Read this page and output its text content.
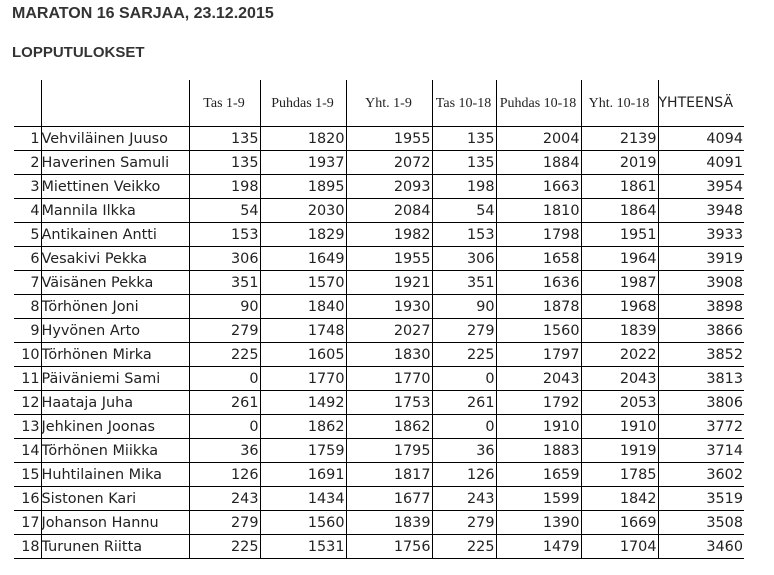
MARATON 16 SARJAA, 23.12.2015
LOPPUTULOKSET
		Tas 1-9	Puhdas 1-9	Yht. 1-9	Tas 10-18	Puhdas 10-18	Yht. 10-18	YHTEENSÄ
1	Vehviläinen Juuso	135	1820	1955	135	2004	2139	4094
2	Haverinen Samuli	135	1937	2072	135	1884	2019	4091
3	Miettinen Veikko	198	1895	2093	198	1663	1861	3954
4	Mannila Ilkka	54	2030	2084	54	1810	1864	3948
5	Antikainen Antti	153	1829	1982	153	1798	1951	3933
6	Vesakivi Pekka	306	1649	1955	306	1658	1964	3919
7	Väisänen Pekka	351	1570	1921	351	1636	1987	3908
8	Törhönen Joni	90	1840	1930	90	1878	1968	3898
9	Hyvönen Arto	279	1748	2027	279	1560	1839	3866
10	Törhönen Mirka	225	1605	1830	225	1797	2022	3852
11	Päiväniemi Sami	0	1770	1770	0	2043	2043	3813
12	Haataja Juha	261	1492	1753	261	1792	2053	3806
13	Jehkinen Joonas	0	1862	1862	0	1910	1910	3772
14	Törhönen Miikka	36	1759	1795	36	1883	1919	3714
15	Huhtilainen Mika	126	1691	1817	126	1659	1785	3602
16	Sistonen Kari	243	1434	1677	243	1599	1842	3519
17	Johanson Hannu	279	1560	1839	279	1390	1669	3508
18	Turunen Riitta	225	1531	1756	225	1479	1704	3460
